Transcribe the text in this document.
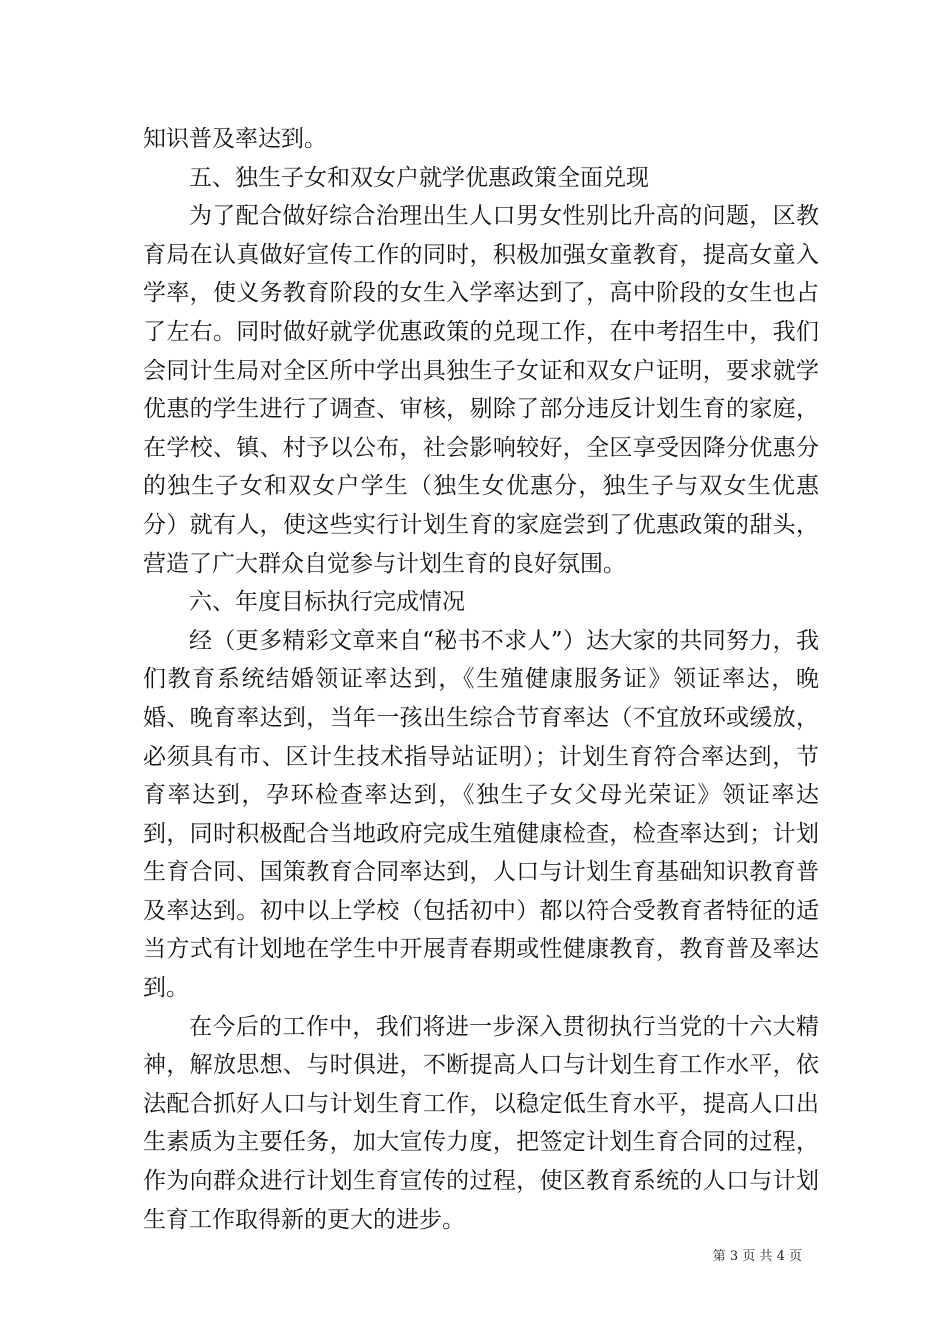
知识普及率达到。

五、独生子女和双女户就学优惠政策全面兑现

为了配合做好综合治理出生人口男女性别比升高的问题，区教育局在认真做好宣传工作的同时，积极加强女童教育，提高女童入学率，使义务教育阶段的女生入学率达到了，高中阶段的女生也占了左右。同时做好就学优惠政策的兑现工作，在中考招生中，我们会同计生局对全区所中学出具独生子女证和双女户证明，要求就学优惠的学生进行了调查、审核，剔除了部分违反计划生育的家庭，在学校、镇、村予以公布，社会影响较好，全区享受因降分优惠分的独生子女和双女户学生（独生女优惠分，独生子与双女生优惠分）就有人，使这些实行计划生育的家庭尝到了优惠政策的甜头，营造了广大群众自觉参与计划生育的良好氛围。

六、年度目标执行完成情况

经（更多精彩文章来自“秘书不求人”）达大家的共同努力，我们教育系统结婚领证率达到，《生殖健康服务证》领证率达，晚婚、晚育率达到，当年一孩出生综合节育率达（不宜放环或缓放，必须具有市、区计生技术指导站证明）；计划生育符合率达到，节育率达到，孕环检查率达到，《独生子女父母光荣证》领证率达到，同时积极配合当地政府完成生殖健康检查，检查率达到；计划生育合同、国策教育合同率达到，人口与计划生育基础知识教育普及率达到。初中以上学校（包括初中）都以符合受教育者特征的适当方式有计划地在学生中开展青春期或性健康教育，教育普及率达到。

在今后的工作中，我们将进一步深入贯彻执行当党的十六大精神，解放思想、与时俱进，不断提高人口与计划生育工作水平，依法配合抓好人口与计划生育工作，以稳定低生育水平，提高人口出生素质为主要任务，加大宣传力度，把签定计划生育合同的过程，作为向群众进行计划生育宣传的过程，使区教育系统的人口与计划生育工作取得新的更大的进步。

第 3 页 共 4 页
